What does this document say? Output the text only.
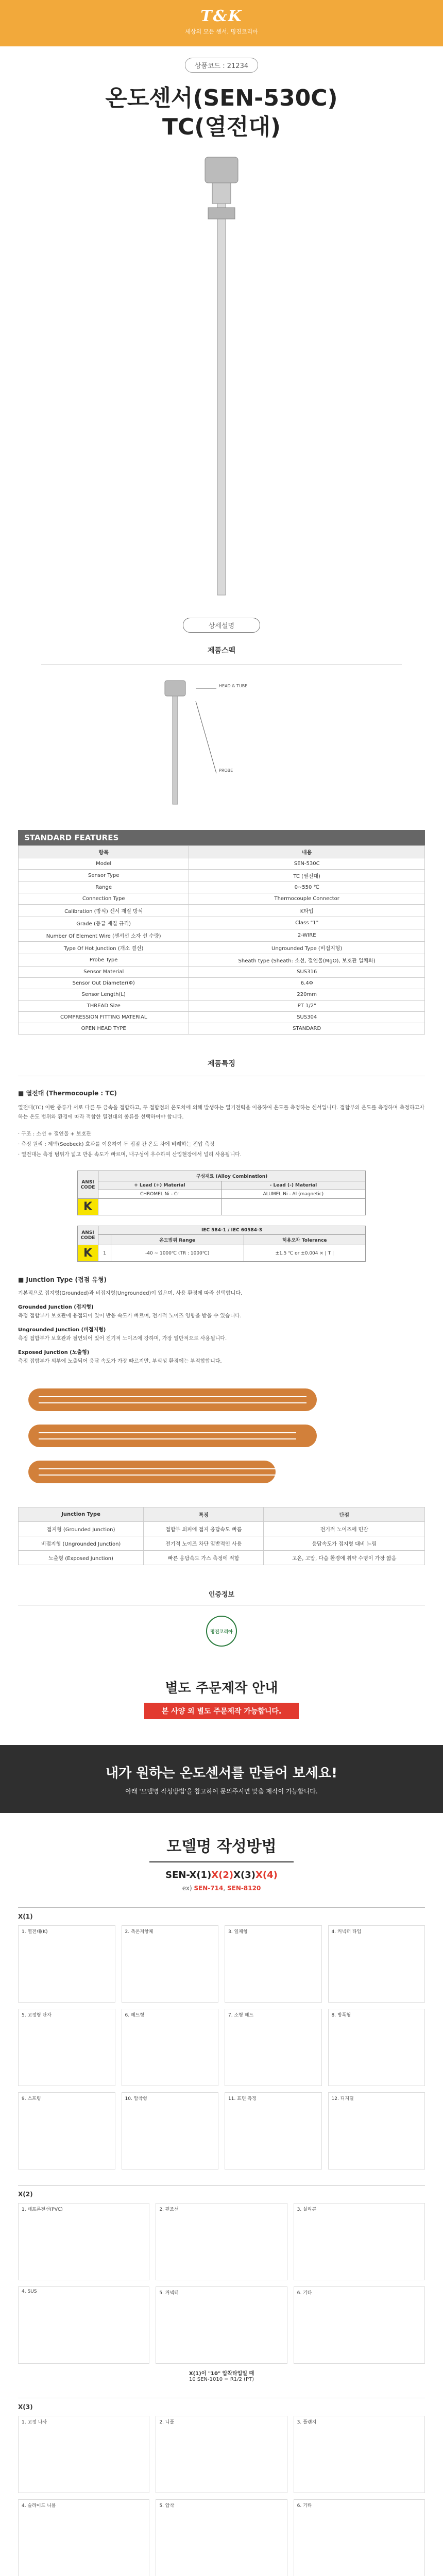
T&K
세상의 모든 센서, 명진코리아
상품코드 : 21234
온도센서(SEN-530C)
TC(열전대)
상세설명
제품스펙
HEAD & TUBE
PROBE
STANDARD FEATURES
항목	내용
Model	SEN-530C
Sensor Type	TC (열전대)
Range	0~550 ℃
Connection Type	Thermocouple Connector
Calibration (방식) 센서 재질 방식	K타입
Grade (등급 재질 규격)	Class "1"
Number Of Element Wire (센서선 소자 선 수량)	2-WIRE
Type Of Hot Junction (개소 결선)	Ungrounded Type (비접지형)
Probe Type	Sheath type (Sheath: 소선, 절연물(MgO), 보호관 일체화)
Sensor Material	SUS316
Sensor Out Diameter(Φ)	6.4Φ
Sensor Length(L)	220mm
THREAD Size	PT 1/2"
COMPRESSION FITTING MATERIAL	SUS304
OPEN HEAD TYPE	STANDARD
제품특징
■ 열전대 (Thermocouple : TC)
열전대(TC) 이란 종류가 서로 다른 두 금속을 접합하고, 두 접합점의 온도차에 의해 발생하는 열기전력을 이용하여 온도를 측정하는 센서입니다. 접합부의 온도를 측정하며 측정하고자 하는 온도 범위와 환경에 따라 적합한 열전대의 종류를 선택하여야 합니다.
· 구조 : 소선 + 절연물 + 보호관
· 측정 원리 : 제백(Seebeck) 효과를 이용하여 두 접점 간 온도 차에 비례하는 전압 측정
· 열전대는 측정 범위가 넓고 반응 속도가 빠르며, 내구성이 우수하여 산업현장에서 널리 사용됩니다.
ANSI CODE	구성재료 (Alloy Combination)	
	+ Lead (+) Material	- Lead (-) Material
	CHROMEL Ni - Cr	ALUMEL Ni - Al (magnetic)
K		
ANSI CODE	IEC 584-1 / IEC 60584-3		
		온도범위 Range	허용오차 Tolerance
K	1	-40 ~ 1000℃ (TR : 1000℃)	±1.5 ℃ or ±0.004 × | T |
■ Junction Type (접점 유형)
기본적으로 접지형(Grounded)과 비접지형(Ungrounded)이 있으며, 사용 환경에 따라 선택합니다.
Grounded Junction (접지형)
측정 접합부가 보호관에 용접되어 있어 반응 속도가 빠르며, 전기적 노이즈 영향을 받을 수 있습니다.
Ungrounded Junction (비접지형)
측정 접합부가 보호관과 절연되어 있어 전기적 노이즈에 강하며, 가장 일반적으로 사용됩니다.
Exposed Junction (노출형)
측정 접합부가 외부에 노출되어 응답 속도가 가장 빠르지만, 부식성 환경에는 부적합합니다.
Junction Type	특징	단점
접지형 (Grounded Junction)	접합부 외피에 접지 응답속도 빠름	전기적 노이즈에 민감
비접지형 (Ungrounded Junction)	전기적 노이즈 차단 일반적인 사용	응답속도가 접지형 대비 느림
노출형 (Exposed Junction)	빠른 응답속도 가스 측정에 적합	고온, 고압, 다습 환경에 취약 수명이 가장 짧음
인증정보
명진코리아
별도 주문제작 안내
본 사양 외 별도 주문제작 가능합니다.
내가 원하는 온도센서를 만들어 보세요!

아래 '모델명 작성방법'을 참고하여 문의주시면 맞춤 제작이 가능합니다.

모델명 작성방법
SEN-X(1)X(2)X(3)X(4)
ex) SEN-714, SEN-8120
X(1)
1. 열전대(K)	2. 측온저항체	3. 일체형	4. 커넥터 타입
5. 고정형 단자	6. 헤드형	7. 소형 헤드	8. 방폭형
9. 스프링	10. 압착형	11. 표면 측정	12. 디지털
X(2)
1. 테프론전선(PVC)	2. 편조선	3. 실리콘
4. SUS	5. 커넥터	6. 기타
X(1)이 "10" 압착타입일 때
10 SEN-1010 = R1/2 (PT)
X(3)
1. 고정 나사	2. 니플	3. 플랜지
4. 슬라이드 니플	5. 압착	6. 기타
